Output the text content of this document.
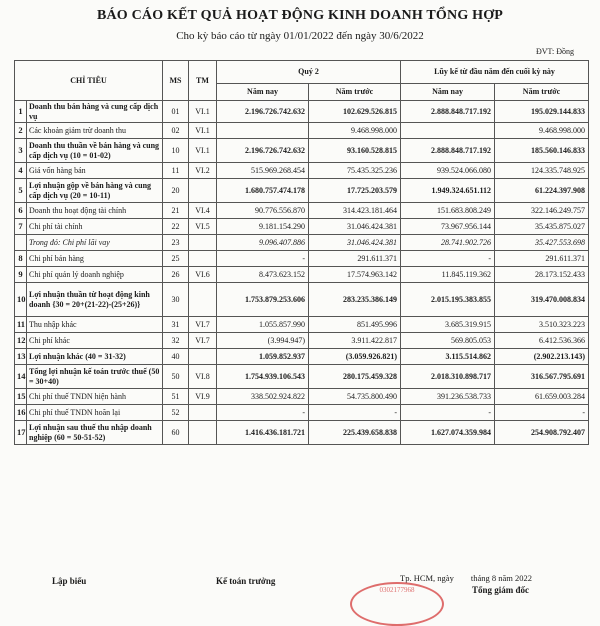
BÁO CÁO KẾT QUẢ HOẠT ĐỘNG KINH DOANH TỔNG HỢP
Cho kỳ báo cáo từ ngày 01/01/2022 đến ngày 30/6/2022
ĐVT: Đồng
CHỈ TIÊU		MS	TM	Quý 2		Lũy kế từ đầu năm đến cuối kỳ này	
				Năm nay	Năm trước	Năm nay	Năm trước
1	Doanh thu bán hàng và cung cấp dịch vụ	01	VI.1	2.196.726.742.632	102.629.526.815	2.888.848.717.192	195.029.144.833
2	Các khoản giảm trừ doanh thu	02	VI.1		9.468.998.000		9.468.998.000
3	Doanh thu thuần về bán hàng và cung cấp dịch vụ (10 = 01-02)	10	VI.1	2.196.726.742.632	93.160.528.815	2.888.848.717.192	185.560.146.833
4	Giá vốn hàng bán	11	VI.2	515.969.268.454	75.435.325.236	939.524.066.080	124.335.748.925
5	Lợi nhuận gộp về bán hàng và cung cấp dịch vụ (20 = 10-11)	20		1.680.757.474.178	17.725.203.579	1.949.324.651.112	61.224.397.908
6	Doanh thu hoạt động tài chính	21	VI.4	90.776.556.870	314.423.181.464	151.683.808.249	322.146.249.757
7	Chi phí tài chính	22	VI.5	9.181.154.290	31.046.424.381	73.967.956.144	35.435.875.027
	Trong đó: Chi phí lãi vay	23		9.096.407.886	31.046.424.381	28.741.902.726	35.427.553.698
8	Chi phí bán hàng	25		-	291.611.371	-	291.611.371
9	Chi phí quản lý doanh nghiệp	26	VI.6	8.473.623.152	17.574.963.142	11.845.119.362	28.173.152.433
10	Lợi nhuận thuần từ hoạt động kinh doanh {30 = 20+(21-22)-(25+26)}	30		1.753.879.253.606	283.235.386.149	2.015.195.383.855	319.470.008.834
11	Thu nhập khác	31	VI.7	1.055.857.990	851.495.996	3.685.319.915	3.510.323.223
12	Chi phí khác	32	VI.7	(3.994.947)	3.911.422.817	569.805.053	6.412.536.366
13	Lợi nhuận khác (40 = 31-32)	40		1.059.852.937	(3.059.926.821)	3.115.514.862	(2.902.213.143)
14	Tổng lợi nhuận kế toán trước thuế (50 = 30+40)	50	VI.8	1.754.939.106.543	280.175.459.328	2.018.310.898.717	316.567.795.691
15	Chi phí thuế TNDN hiện hành	51	VI.9	338.502.924.822	54.735.800.490	391.236.538.733	61.659.003.284
16	Chi phí thuế TNDN hoãn lại	52		-	-	-	-
17	Lợi nhuận sau thuế thu nhập doanh nghiệp (60 = 50-51-52)	60		1.416.436.181.721	225.439.658.838	1.627.074.359.984	254.908.792.407
Lập biểu	Kế toán trưởng	Tp. HCM, ngày        tháng 8 năm 2022
0302177968	Tổng giám đốc
